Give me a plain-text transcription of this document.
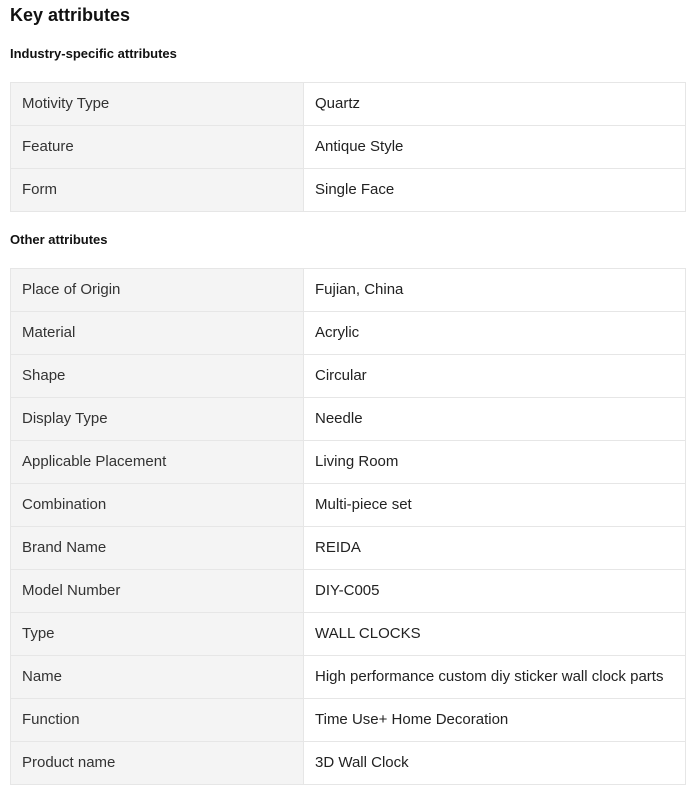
Key attributes
Industry-specific attributes
Motivity Type	Quartz
Feature	Antique Style
Form	Single Face
Other attributes
Place of Origin	Fujian, China
Material	Acrylic
Shape	Circular
Display Type	Needle
Applicable Placement	Living Room
Combination	Multi-piece set
Brand Name	REIDA
Model Number	DIY-C005
Type	WALL CLOCKS
Name	High performance custom diy sticker wall clock parts
Function	Time Use+ Home Decoration
Product name	3D Wall Clock
